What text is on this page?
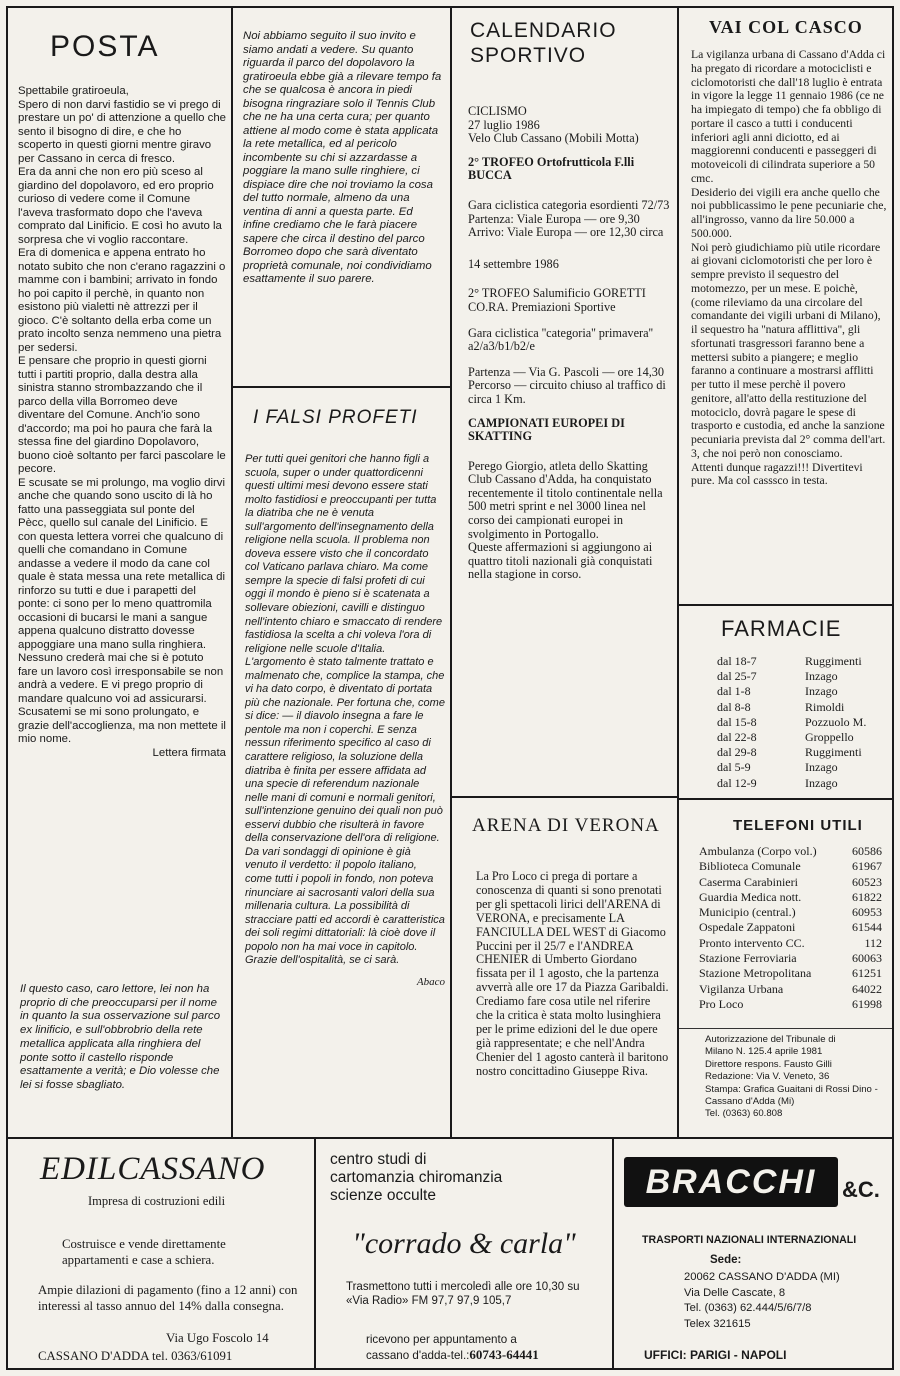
POSTA

Spettabile gratiroeula,

Spero di non darvi fastidio se vi prego di prestare un po' di attenzione a quello che sento il bisogno di dire, e che ho scoperto in questi giorni mentre giravo per Cassano in cerca di fresco.

Era da anni che non ero più sceso al giardino del dopolavoro, ed ero proprio curioso di vedere come il Comune l'aveva trasformato dopo che l'aveva comprato dal Linificio. E così ho avuto la sorpresa che vi voglio raccontare.

Era di domenica e appena entrato ho notato subito che non c'erano ragazzini o mamme con i bambini; arrivato in fondo ho poi capito il perchè, in quanto non esistono più vialetti nè attrezzi per il gioco. C'è soltanto della erba come un prato incolto senza nemmeno una pietra per sedersi.

E pensare che proprio in questi giorni tutti i partiti proprio, dalla destra alla sinistra stanno strombazzando che il parco della villa Borromeo deve diventare del Comune. Anch'io sono d'accordo; ma poi ho paura che farà la stessa fine del giardino Dopolavoro, buono cioè soltanto per farci pascolare le pecore.

E scusate se mi prolungo, ma voglio dirvi anche che quando sono uscito di là ho fatto una passeggiata sul ponte del Pècc, quello sul canale del Linificio. E con questa lettera vorrei che qualcuno di quelli che comandano in Comune andasse a vedere il modo da cane col quale è stata messa una rete metallica di rinforzo su tutti e due i parapetti del ponte: ci sono per lo meno quattromila occasioni di bucarsi le mani a sangue appena qualcuno distratto dovesse appoggiare una mano sulla ringhiera. Nessuno crederà mai che si è potuto fare un lavoro così irresponsabile se non andrà a vedere. E vi prego proprio di mandare qualcuno voi ad assicurarsi. Scusatemi se mi sono prolungato, e grazie dell'accoglienza, ma non mettete il mio nome.

Lettera firmata

Il questo caso, caro lettore, lei non ha proprio di che preoccuparsi per il nome in quanto la sua osservazione sul parco ex linificio, e sull'obbrobrio della rete metallica applicata alla ringhiera del ponte sotto il castello risponde esattamente a verità; e Dio volesse che lei si fosse sbagliato.
Noi abbiamo seguito il suo invito e siamo andati a vedere. Su quanto riguarda il parco del dopolavoro la gratiroeula ebbe già a rilevare tempo fa che se qualcosa è ancora in piedi bisogna ringraziare solo il Tennis Club che ne ha una certa cura; per quanto attiene al modo come è stata applicata la rete metallica, ed al pericolo incombente su chi si azzardasse a poggiare la mano sulle ringhiere, ci dispiace dire che noi troviamo la cosa del tutto normale, almeno da una ventina di anni a questa parte. Ed infine crediamo che le farà piacere sapere che circa il destino del parco Borromeo dopo che sarà diventato proprietà comunale, noi condividiamo esattamente il suo parere.
I FALSI PROFETI

Per tutti quei genitori che hanno figli a scuola, super o under quattordicenni questi ultimi mesi devono essere stati molto fastidiosi e preoccupanti per tutta la diatriba che ne è venuta sull'argomento dell'insegnamento della religione nella scuola. Il problema non doveva essere visto che il concordato col Vaticano parlava chiaro. Ma come sempre la specie di falsi profeti di cui oggi il mondo è pieno si è scatenata a sollevare obiezioni, cavilli e distinguo nell'intento chiaro e smaccato di rendere fastidiosa la scelta a chi voleva l'ora di religione nelle scuole d'Italia. L'argomento è stato talmente trattato e malmenato che, complice la stampa, che vi ha dato corpo, è diventato di portata più che nazionale. Per fortuna che, come si dice: — il diavolo insegna a fare le pentole ma non i coperchi. E senza nessun riferimento specifico al caso di carattere religioso, la soluzione della diatriba è finita per essere affidata ad una specie di referendum nazionale nelle mani di comuni e normali genitori, sull'intenzione genuino dei quali non può esservi dubbio che risulterà in favore della conservazione dell'ora di religione. Da vari sondaggi di opinione è già venuto il verdetto: il popolo italiano, come tutti i popoli in fondo, non poteva rinunciare ai sacrosanti valori della sua millenaria cultura. La possibilità di stracciare patti ed accordi è caratteristica dei soli regimi dittatoriali: là cioè dove il popolo non ha mai voce in capitolo.

Grazie dell'ospitalità, se ci sarà.

Abaco

CALENDARIO
SPORTIVO

CICLISMO

27 luglio 1986

Velo Club Cassano (Mobili Motta)

2° TROFEO Ortofrutticola F.lli BUCCA

Gara ciclistica categoria esordienti 72/73

Partenza: Viale Europa — ore 9,30

Arrivo: Viale Europa — ore 12,30 circa

14 settembre 1986

2° TROFEO Salumificio GORETTI

CO.RA. Premiazioni Sportive

Gara ciclistica ''categoria'' primavera'' a2/a3/b1/b2/e

Partenza — Via G. Pascoli — ore 14,30

Percorso — circuito chiuso al traffico di circa 1 Km.

CAMPIONATI EUROPEI DI SKATTING

Perego Giorgio, atleta dello Skatting Club Cassano d'Adda, ha conquistato recentemente il titolo continentale nella 500 metri sprint e nel 3000 linea nel corso dei campionati europei in svolgimento in Portogallo.

Queste affermazioni si aggiungono ai quattro titoli nazionali già conquistati nella stagione in corso.

ARENA DI VERONA
La Pro Loco ci prega di portare a conoscenza di quanti si sono prenotati per gli spettacoli lirici dell'ARENA di VERONA, e precisamente LA FANCIULLA DEL WEST di Giacomo Puccini per il 25/7 e l'ANDREA CHENIER di Umberto Giordano fissata per il 1 agosto, che la partenza avverrà alle ore 17 da Piazza Garibaldi. Crediamo fare cosa utile nel riferire che la critica è stata molto lusinghiera per le prime edizioni del le due opere già rappresentate; e che nell'Andra Chenier del 1 agosto canterà il baritono nostro concittadino Giuseppe Riva.
VAI COL CASCO

La vigilanza urbana di Cassano d'Adda ci ha pregato di ricordare a motociclisti e ciclomotoristi che dall'18 luglio è entrata in vigore la legge 11 gennaio 1986 (ce ne ha impiegato di tempo) che fa obbligo di portare il casco a tutti i conducenti inferiori agli anni diciotto, ed ai maggiorenni conducenti e passeggeri di motoveicoli di cilindrata superiore a 50 cmc.

Desiderio dei vigili era anche quello che noi pubblicassimo le pene pecuniarie che, all'ingrosso, vanno da lire 50.000 a 500.000.

Noi però giudichiamo più utile ricordare ai giovani ciclomotoristi che per loro è sempre previsto il sequestro del motomezzo, per un mese. E poichè, (come rileviamo da una circolare del comandante dei vigili urbani di Milano), il sequestro ha ''natura afflittiva'', gli sfortunati trasgressori faranno bene a mettersi subito a piangere; e meglio faranno a continuare a mostrarsi afflitti per tutto il mese perchè il povero genitore, all'atto della restituzione del motociclo, dovrà pagare le spese di trasporto e custodia, ed anche la sanzione pecuniaria prevista dal 2° comma dell'art. 3, che noi però non conosciamo.

Attenti dunque ragazzi!!! Divertitevi pure. Ma col casssco in testa.

FARMACIE
dal 18-7	Ruggimenti
dal 25-7	Inzago
dal 1-8	Inzago
dal 8-8	Rimoldi
dal 15-8	Pozzuolo M.
dal 22-8	Groppello
dal 29-8	Ruggimenti
dal 5-9	Inzago
dal 12-9	Inzago
TELEFONI UTILI
Ambulanza (Corpo vol.)	60586
Biblioteca Comunale	61967
Caserma Carabinieri	60523
Guardia Medica nott.	61822
Municipio (central.)	60953
Ospedale Zappatoni	61544
Pronto intervento CC.	112
Stazione Ferroviaria	60063
Stazione Metropolitana	61251
Vigilanza Urbana	64022
Pro Loco	61998

Autorizzazione del Tribunale di

Milano N. 125.4 aprile 1981

Direttore respons. Fausto Gilli

Redazione: Via V. Veneto, 36

Stampa: Grafica Guaitani di Rossi Dino - Cassano d'Adda (Mi)

Tel. (0363) 60.808

EDILCASSANO
Impresa di costruzioni edili
Costruisce e vende direttamente appartamenti e case a schiera.
Ampie dilazioni di pagamento (fino a 12 anni) con interessi al tasso annuo del 14% dalla consegna.
Via Ugo Foscolo 14
CASSANO D'ADDA tel. 0363/61091

centro studi di

cartomanzia chiromanzia

scienze occulte

"corrado & carla"
Trasmettono tutti i mercoledì alle ore 10,30 su «Via Radio» FM 97,7 97,9 105,7

ricevono per appuntamento a

cassano d'adda-tel.:60743-64441

BRACCHI	&C.
TRASPORTI NAZIONALI INTERNAZIONALI
Sede:

20062 CASSANO D'ADDA (MI)

Via Delle Cascate, 8

Tel. (0363) 62.444/5/6/7/8

Telex 321615

UFFICI: PARIGI - NAPOLI
